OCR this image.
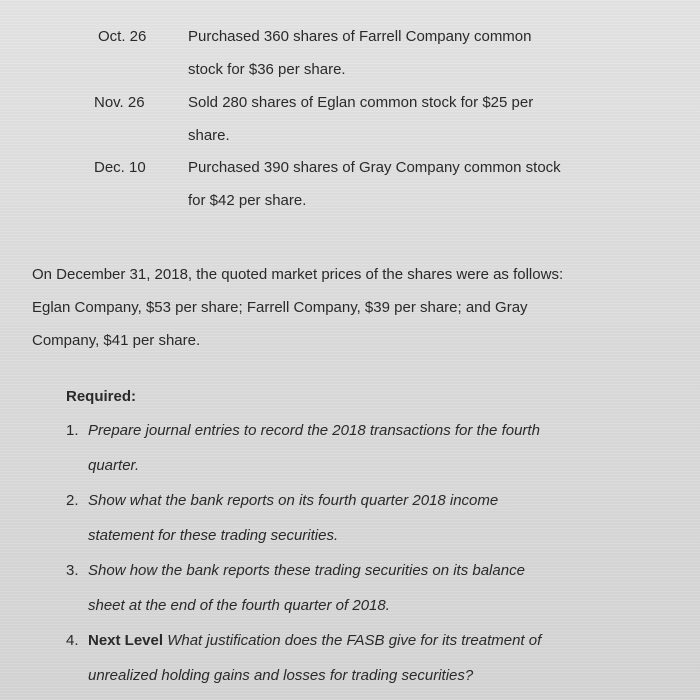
Oct. 26	Purchased 360 shares of Farrell Company common
stock for $36 per share.
Nov. 26	Sold 280 shares of Eglan common stock for $25 per
share.
Dec. 10	Purchased 390 shares of Gray Company common stock
for $42 per share.
On December 31, 2018, the quoted market prices of the shares were as follows:
Eglan Company, $53 per share; Farrell Company, $39 per share; and Gray
Company, $41 per share.
Required:
1. Prepare journal entries to record the 2018 transactions for the fourth
quarter.
2. Show what the bank reports on its fourth quarter 2018 income
statement for these trading securities.
3. Show how the bank reports these trading securities on its balance
sheet at the end of the fourth quarter of 2018.
4. Next Level What justification does the FASB give for its treatment of
unrealized holding gains and losses for trading securities?
